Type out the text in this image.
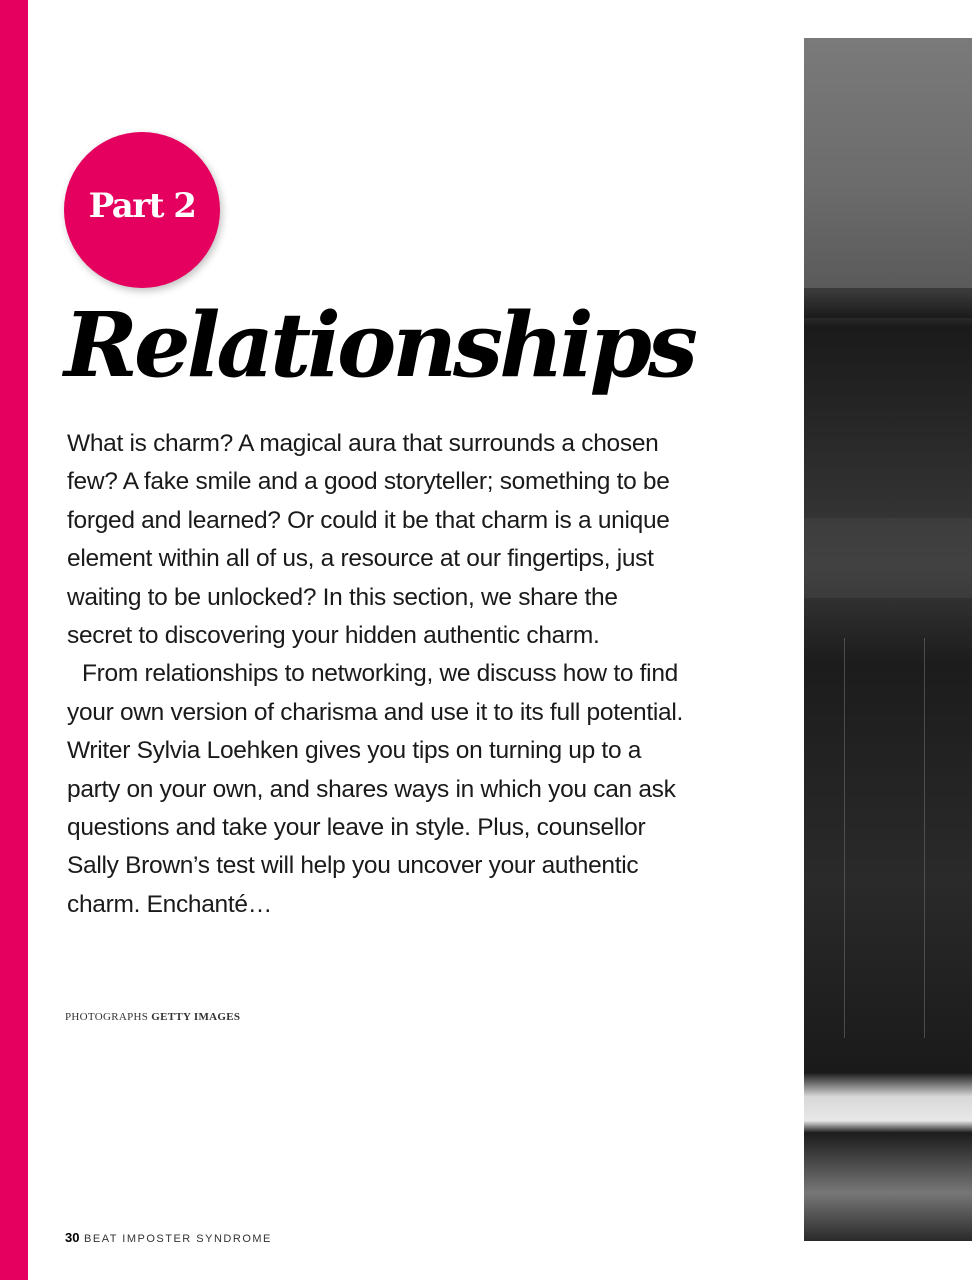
Part 2
Relationships

What is charm? A magical aura that surrounds a chosen few? A fake smile and a good storyteller; something to be forged and learned? Or could it be that charm is a unique element within all of us, a resource at our fingertips, just waiting to be unlocked? In this section, we share the secret to discovering your hidden authentic charm.

From relationships to networking, we discuss how to find your own version of charisma and use it to its full potential. Writer Sylvia Loehken gives you tips on turning up to a party on your own, and shares ways in which you can ask questions and take your leave in style. Plus, counsellor Sally Brown’s test will help you uncover your authentic charm. Enchanté…

PHOTOGRAPHS GETTY IMAGES
30 BEAT IMPOSTER SYNDROME
